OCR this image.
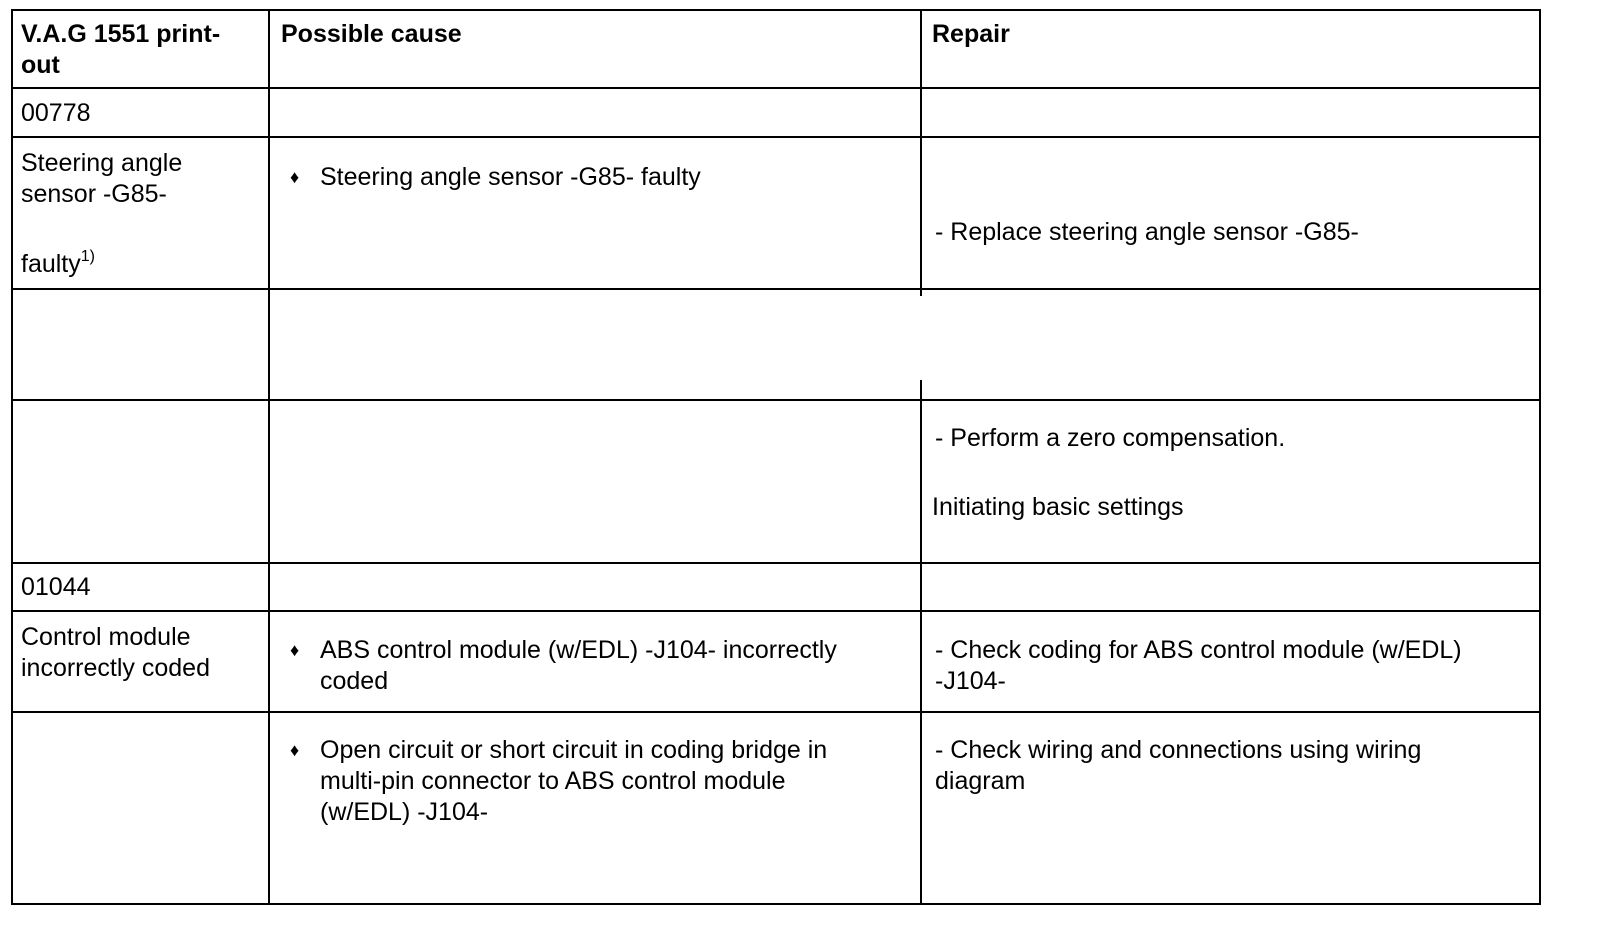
V.A.G 1551 print-
out
Possible cause	Repair
00778
Steering angle
sensor -G85-
faulty$^{1)}$
♦ Steering angle sensor -G85- faulty
- Replace steering angle sensor -G85-
- Perform a zero compensation.
Initiating basic settings
01044
Control module
incorrectly coded
♦ ABS control module (w/EDL) -J104- incorrectly
coded
- Check coding for ABS control module (w/EDL)
-J104-
♦ Open circuit or short circuit in coding bridge in
multi-pin connector to ABS control module
(w/EDL) -J104-
- Check wiring and connections using wiring
diagram
